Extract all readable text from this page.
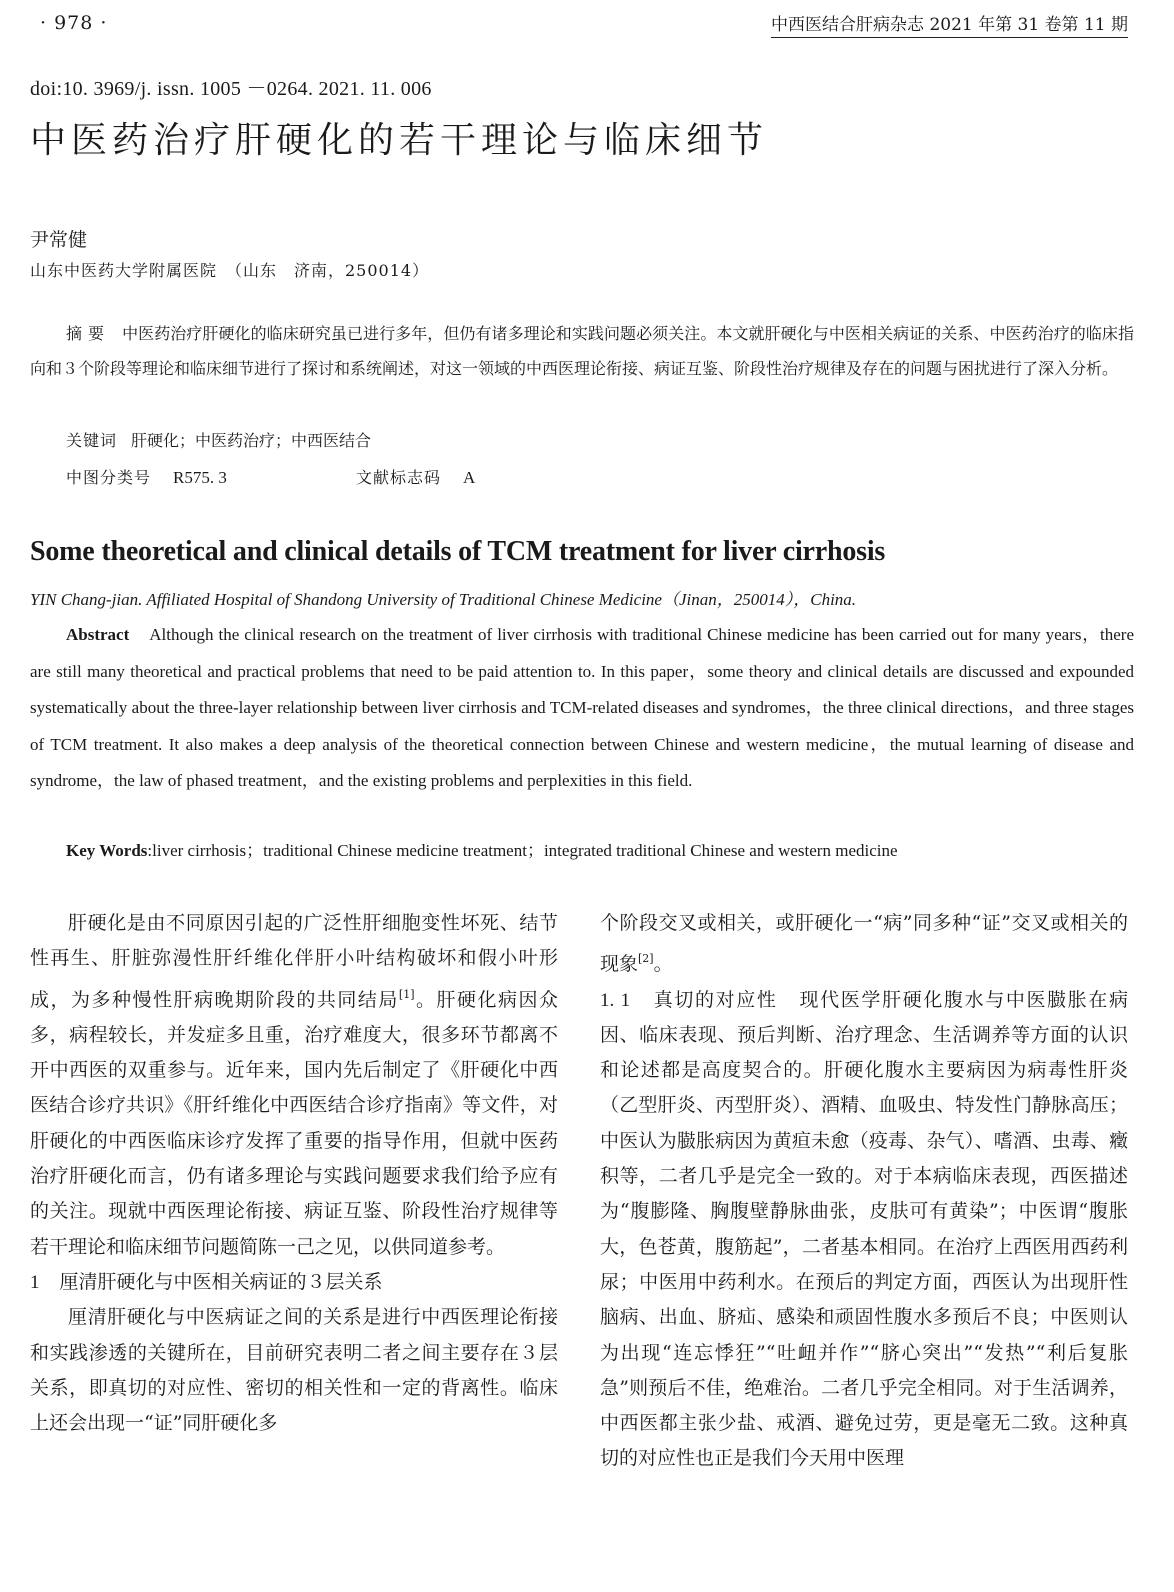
· 978 ·	中西医结合肝病杂志 2021 年第 31 卷第 11 期
doi:10. 3969/j. issn. 1005 －0264. 2021. 11. 006
中医药治疗肝硬化的若干理论与临床细节
尹常健
山东中医药大学附属医院　（山东　济南，250014）

摘要 中医药治疗肝硬化的临床研究虽已进行多年，但仍有诸多理论和实践问题必须关注。本文就肝硬化与中医相关病证的关系、中医药治疗的临床指向和３个阶段等理论和临床细节进行了探讨和系统阐述，对这一领域的中西医理论衔接、病证互鉴、阶段性治疗规律及存在的问题与困扰进行了深入分析。

关键词 肝硬化；中医药治疗；中西医结合
中图分类号 R575. 3	文献标志码 A
Some theoretical and clinical details of TCM treatment for liver cirrhosis
YIN Chang-jian. Affiliated Hospital of Shandong University of Traditional Chinese Medicine（Jinan，250014），China.

Abstract Although the clinical research on the treatment of liver cirrhosis with traditional Chinese medicine has been carried out for many years，there are still many theoretical and practical problems that need to be paid attention to. In this paper，some theory and clinical details are discussed and expounded systematically about the three-layer relationship between liver cirrhosis and TCM-related diseases and syndromes，the three clinical directions，and three stages of TCM treatment. It also makes a deep analysis of the theoretical connection between Chinese and western medicine，the mutual learning of disease and syndrome，the law of phased treatment，and the existing problems and perplexities in this field.

Key Words:liver cirrhosis；traditional Chinese medicine treatment；integrated traditional Chinese and western medicine

肝硬化是由不同原因引起的广泛性肝细胞变性坏死、结节性再生、肝脏弥漫性肝纤维化伴肝小叶结构破坏和假小叶形成，为多种慢性肝病晚期阶段的共同结局[1]。肝硬化病因众多，病程较长，并发症多且重，治疗难度大，很多环节都离不开中西医的双重参与。近年来，国内先后制定了《肝硬化中西医结合诊疗共识》《肝纤维化中西医结合诊疗指南》等文件，对肝硬化的中西医临床诊疗发挥了重要的指导作用，但就中医药治疗肝硬化而言，仍有诸多理论与实践问题要求我们给予应有的关注。现就中西医理论衔接、病证互鉴、阶段性治疗规律等若干理论和临床细节问题简陈一己之见，以供同道参考。

1 厘清肝硬化与中医相关病证的３层关系

厘清肝硬化与中医病证之间的关系是进行中西医理论衔接和实践渗透的关键所在，目前研究表明二者之间主要存在３层关系，即真切的对应性、密切的相关性和一定的背离性。临床上还会出现一“证”同肝硬化多

个阶段交叉或相关，或肝硬化一“病”同多种“证”交叉或相关的现象[2]。

1. 1 真切的对应性 现代医学肝硬化腹水与中医臌胀在病因、临床表现、预后判断、治疗理念、生活调养等方面的认识和论述都是高度契合的。肝硬化腹水主要病因为病毒性肝炎（乙型肝炎、丙型肝炎）、酒精、血吸虫、特发性门静脉高压；中医认为臌胀病因为黄疸未愈（疫毒、杂气）、嗜酒、虫毒、癥积等，二者几乎是完全一致的。对于本病临床表现，西医描述为“腹膨隆、胸腹壁静脉曲张，皮肤可有黄染”；中医谓“腹胀大，色苍黄，腹筋起”，二者基本相同。在治疗上西医用西药利尿；中医用中药利水。在预后的判定方面，西医认为出现肝性脑病、出血、脐疝、感染和顽固性腹水多预后不良；中医则认为出现“连忘悸狂”“吐衄并作”“脐心突出”“发热”“利后复胀急”则预后不佳，绝难治。二者几乎完全相同。对于生活调养，中西医都主张少盐、戒酒、避免过劳，更是毫无二致。这种真切的对应性也正是我们今天用中医理
